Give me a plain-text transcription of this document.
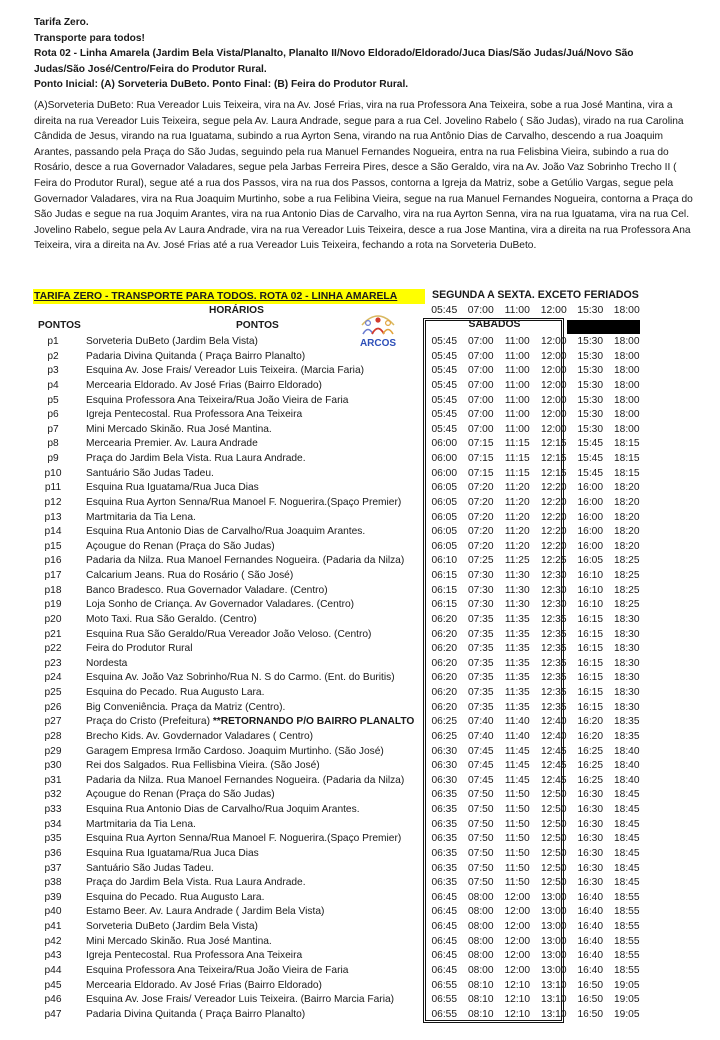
Tarifa Zero.
Transporte para todos!
Rota 02 - Linha Amarela (Jardim Bela Vista/Planalto, Planalto II/Novo Eldorado/Eldorado/Juca Dias/São Judas/Juá/Novo São
Judas/São José/Centro/Feira do Produtor Rural.
Ponto Inicial: (A) Sorveteria DuBeto. Ponto Final: (B) Feira do Produtor Rural.
(A)Sorveteria DuBeto: Rua Vereador Luis Teixeira, vira na Av. José Frias, vira na rua Professora Ana Teixeira, sobe a rua José Mantina, vira a direita na rua Vereador Luis Teixeira, segue pela Av. Laura Andrade, segue para a rua Cel. Jovelino Rabelo ( São Judas), virado na rua Carolina Cândida de Jesus, virando na rua Iguatama, subindo a rua Ayrton Sena, virando na rua Antônio Dias de Carvalho, descendo a rua Joaquim Arantes, passando pela Praça do São Judas, seguindo pela rua Manuel Fernandes Nogueira, entra na rua Felisbina Vieira, subindo a rua do Rosário, desce a rua Governador Valadares, segue pela Jarbas Ferreira Pires, desce a São Geraldo, vira na Av. João Vaz Sobrinho Trecho II ( Feira do Produtor Rural), segue até a rua dos Passos, vira na rua dos Passos, contorna a Igreja da Matriz, sobe a Getúlio Vargas, segue pela Governador Valadares, vira na Rua Joaquim Murtinho, sobe a rua Felibina Vieira, segue na rua Manuel Fernandes Nogueira, contorna a Praça do São Judas e segue na rua Joquim Arantes, vira na rua Antonio Dias de Carvalho, vira na rua Ayrton Senna, vira na rua Iguatama, vira na rua Cel. Jovelino Rabelo, segue pela Av Laura Andrade, vira na rua Vereador Luis Teixeira, desce a rua Jose Mantina, vira a direita na rua Professora Ana Teixeira, vira a direita na Av. José Frias até a rua Vereador Luis Teixeira, fechando a rota na Sorveteria DuBeto.
TARIFA ZERO - TRANSPORTE PARA TODOS. ROTA 02 - LINHA AMARELA	SEGUNDA A SEXTA. EXCETO FERIADOS
HORÁRIOS
PONTOS	PONTOS
ARCOS
05:45	07:00	11:00	12:00	15:30	18:00
SABADOS
p1	Sorveteria DuBeto (Jardim Bela Vista)	05:45	07:00	11:00	12:00	15:30	18:00
p2	Padaria Divina Quitanda ( Praça Bairro Planalto)	05:45	07:00	11:00	12:00	15:30	18:00
p3	Esquina Av. Jose Frais/ Vereador Luis Teixeira. (Marcia Faria)	05:45	07:00	11:00	12:00	15:30	18:00
p4	Mercearia Eldorado. Av José Frias (Bairro Eldorado)	05:45	07:00	11:00	12:00	15:30	18:00
p5	Esquina Professora Ana Teixeira/Rua João Vieira de Faria	05:45	07:00	11:00	12:00	15:30	18:00
p6	Igreja Pentecostal. Rua Professora Ana Teixeira	05:45	07:00	11:00	12:00	15:30	18:00
p7	Mini Mercado Skinão. Rua José Mantina.	05:45	07:00	11:00	12:00	15:30	18:00
p8	Mercearia Premier. Av. Laura Andrade	06:00	07:15	11:15	12:15	15:45	18:15
p9	Praça do Jardim Bela Vista. Rua Laura Andrade.	06:00	07:15	11:15	12:15	15:45	18:15
p10	Santuário São Judas Tadeu.	06:00	07:15	11:15	12:15	15:45	18:15
p11	Esquina Rua Iguatama/Rua Juca Dias	06:05	07:20	11:20	12:20	16:00	18:20
p12	Esquina Rua Ayrton Senna/Rua Manoel F. Noguerira.(Spaço Premier)	06:05	07:20	11:20	12:20	16:00	18:20
p13	Martmitaria da Tia Lena.	06:05	07:20	11:20	12:20	16:00	18:20
p14	Esquina Rua Antonio Dias de Carvalho/Rua Joaquim Arantes.	06:05	07:20	11:20	12:20	16:00	18:20
p15	Açougue do Renan (Praça do São Judas)	06:05	07:20	11:20	12:20	16:00	18:20
p16	Padaria da Nilza. Rua Manoel Fernandes Nogueira. (Padaria da Nilza)	06:10	07:25	11:25	12:25	16:05	18:25
p17	Calcarium Jeans. Rua do Rosário ( São José)	06:15	07:30	11:30	12:30	16:10	18:25
p18	Banco Bradesco. Rua Governador Valadare. (Centro)	06:15	07:30	11:30	12:30	16:10	18:25
p19	Loja Sonho de Criança. Av Governador Valadares. (Centro)	06:15	07:30	11:30	12:30	16:10	18:25
p20	Moto Taxi. Rua São Geraldo. (Centro)	06:20	07:35	11:35	12:35	16:15	18:30
p21	Esquina Rua São Geraldo/Rua Vereador João Veloso. (Centro)	06:20	07:35	11:35	12:35	16:15	18:30
p22	Feira do Produtor Rural	06:20	07:35	11:35	12:35	16:15	18:30
p23	Nordesta	06:20	07:35	11:35	12:35	16:15	18:30
p24	Esquina Av. João Vaz Sobrinho/Rua N. S do Carmo. (Ent. do Buritis)	06:20	07:35	11:35	12:35	16:15	18:30
p25	Esquina do Pecado. Rua Augusto Lara.	06:20	07:35	11:35	12:35	16:15	18:30
p26	Big Conveniência. Praça da Matriz (Centro).	06:20	07:35	11:35	12:35	16:15	18:30
p27	Praça do Cristo (Prefeitura) **RETORNANDO P/O BAIRRO PLANALTO	06:25	07:40	11:40	12:40	16:20	18:35
p28	Brecho Kids. Av. Govdernador Valadares ( Centro)	06:25	07:40	11:40	12:40	16:20	18:35
p29	Garagem Empresa Irmão Cardoso. Joaquim Murtinho. (São José)	06:30	07:45	11:45	12:45	16:25	18:40
p30	Rei dos Salgados. Rua Fellisbina Vieira. (São José)	06:30	07:45	11:45	12:45	16:25	18:40
p31	Padaria da Nilza. Rua Manoel Fernandes Nogueira. (Padaria da Nilza)	06:30	07:45	11:45	12:45	16:25	18:40
p32	Açougue do Renan (Praça do São Judas)	06:35	07:50	11:50	12:50	16:30	18:45
p33	Esquina Rua Antonio Dias de Carvalho/Rua Joquim Arantes.	06:35	07:50	11:50	12:50	16:30	18:45
p34	Martmitaria da Tia Lena.	06:35	07:50	11:50	12:50	16:30	18:45
p35	Esquina Rua Ayrton Senna/Rua Manoel F. Noguerira.(Spaço Premier)	06:35	07:50	11:50	12:50	16:30	18:45
p36	Esquina Rua Iguatama/Rua Juca Dias	06:35	07:50	11:50	12:50	16:30	18:45
p37	Santuário São Judas Tadeu.	06:35	07:50	11:50	12:50	16:30	18:45
p38	Praça do Jardim Bela Vista. Rua Laura Andrade.	06:35	07:50	11:50	12:50	16:30	18:45
p39	Esquina do Pecado. Rua Augusto Lara.	06:45	08:00	12:00	13:00	16:40	18:55
p40	Estamo Beer. Av. Laura Andrade ( Jardim Bela Vista)	06:45	08:00	12:00	13:00	16:40	18:55
p41	Sorveteria DuBeto (Jardim Bela Vista)	06:45	08:00	12:00	13:00	16:40	18:55
p42	Mini Mercado Skinão. Rua José Mantina.	06:45	08:00	12:00	13:00	16:40	18:55
p43	Igreja Pentecostal. Rua Professora Ana Teixeira	06:45	08:00	12:00	13:00	16:40	18:55
p44	Esquina Professora Ana Teixeira/Rua João Vieira de Faria	06:45	08:00	12:00	13:00	16:40	18:55
p45	Mercearia Eldorado. Av José Frias (Bairro Eldorado)	06:55	08:10	12:10	13:10	16:50	19:05
p46	Esquina Av. Jose Frais/ Vereador Luis Teixeira. (Bairro Marcia Faria)	06:55	08:10	12:10	13:10	16:50	19:05
p47	Padaria Divina Quitanda ( Praça Bairro Planalto)	06:55	08:10	12:10	13:10	16:50	19:05
